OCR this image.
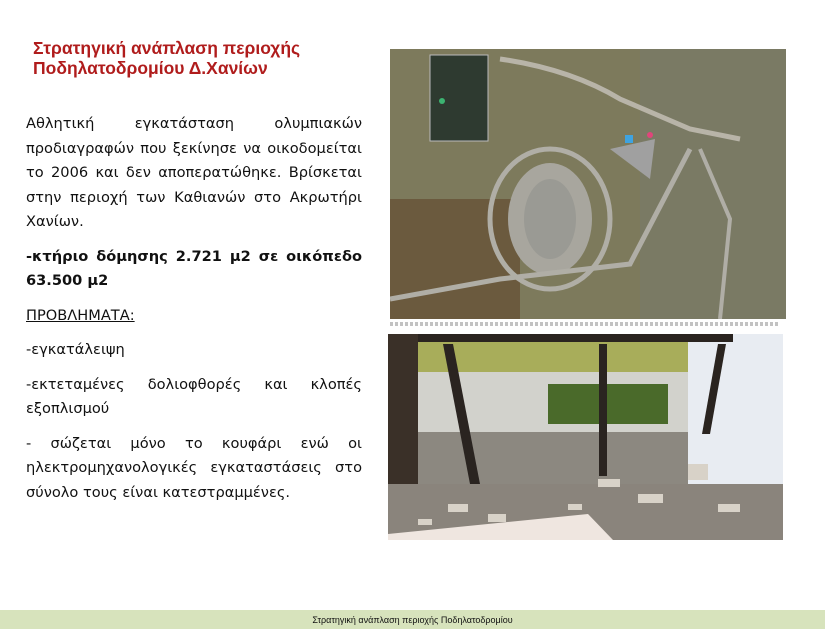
Στρατηγική ανάπλαση περιοχής
Ποδηλατοδρομίου Δ.Χανίων

Αθλητική εγκατάσταση ολυμπιακών προδιαγραφών που ξεκίνησε να οικοδομείται το 2006 και δεν αποπερατώθηκε. Βρίσκεται στην περιοχή των Καθιανών στο Ακρωτήρι Χανίων.

-κτήριο δόμησης 2.721 μ2 σε οικόπεδο 63.500 μ2

ΠΡΟΒΛΗΜΑΤΑ:

-εγκατάλειψη

-εκτεταμένες δολιοφθορές και κλοπές εξοπλισμού

- σώζεται μόνο το κουφάρι ενώ οι ηλεκτρομηχανολογικές εγκαταστάσεις στο σύνολο τους είναι κατεστραμμένες.

Στρατηγική ανάπλαση περιοχής Ποδηλατοδρομίου
